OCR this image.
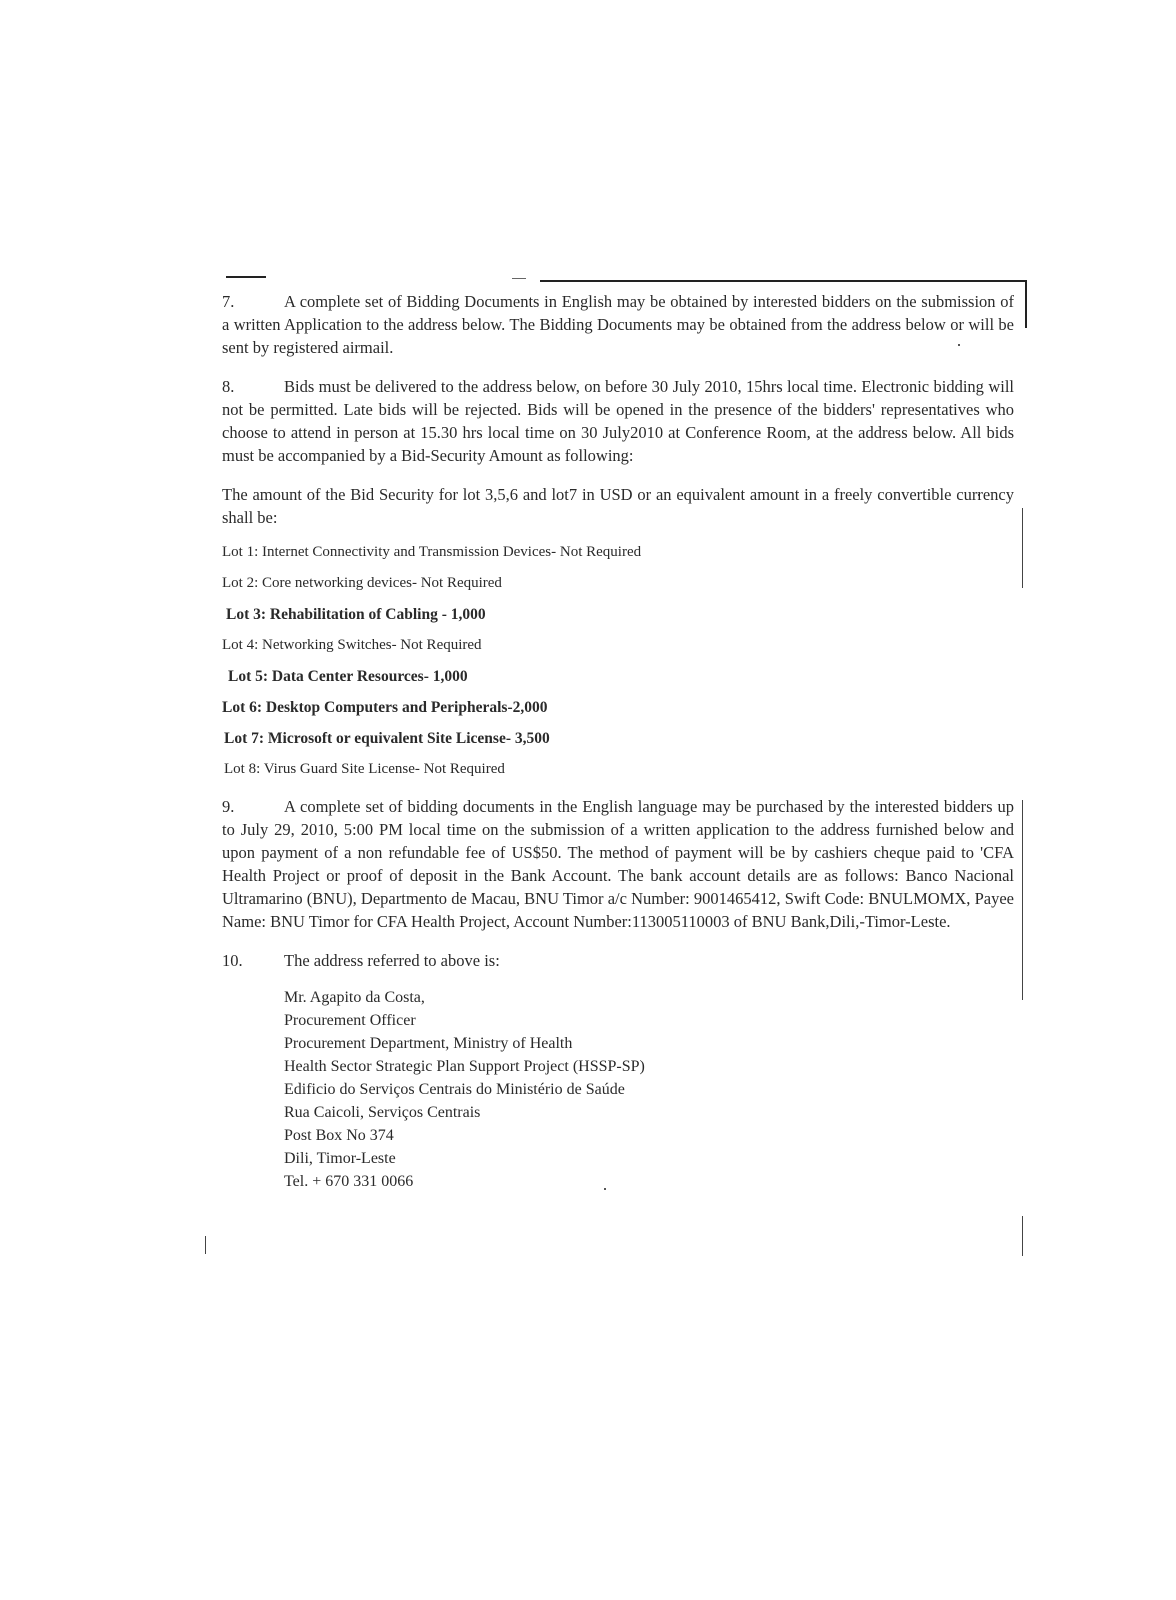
7.	A complete set of Bidding Documents in English may be obtained by interested bidders on the submission of a written Application to the address below. The Bidding Documents may be obtained from the address below or will be sent by registered airmail.

8.	Bids must be delivered to the address below, on before 30 July 2010, 15hrs local time. Electronic bidding will not be permitted. Late bids will be rejected. Bids will be opened in the presence of the bidders' representatives who choose to attend in person at 15.30 hrs local time on 30 July2010 at Conference Room, at the address below. All bids must be accompanied by a Bid-Security Amount as following:

The amount of the Bid Security for lot 3,5,6 and lot7 in USD or an equivalent amount in a freely convertible currency shall be:

Lot 1: Internet Connectivity and Transmission Devices- Not Required
Lot 2: Core networking devices- Not Required
Lot 3: Rehabilitation of Cabling - 1,000
Lot 4: Networking Switches- Not Required
Lot 5: Data Center Resources- 1,000
Lot 6: Desktop Computers and Peripherals-2,000
Lot 7: Microsoft or equivalent Site License- 3,500
Lot 8: Virus Guard Site License- Not Required

9.	A complete set of bidding documents in the English language may be purchased by the interested bidders up to July 29, 2010, 5:00 PM local time on the submission of a written application to the address furnished below and upon payment of a non refundable fee of US$50. The method of payment will be by cashiers cheque paid to 'CFA Health Project or proof of deposit in the Bank Account. The bank account details are as follows: Banco Nacional Ultramarino (BNU), Departmento de Macau, BNU Timor a/c Number: 9001465412, Swift Code: BNULMOMX, Payee Name: BNU Timor for CFA Health Project, Account Number:113005110003 of BNU Bank,Dili,-Timor-Leste.

10.	The address referred to above is:

Mr. Agapito da Costa,
Procurement Officer
Procurement Department, Ministry of Health
Health Sector Strategic Plan Support Project (HSSP-SP)
Edificio do Serviços Centrais do Ministério de Saúde
Rua Caicoli, Serviços Centrais
Post Box No 374
Dili, Timor-Leste
Tel. + 670 331 0066
